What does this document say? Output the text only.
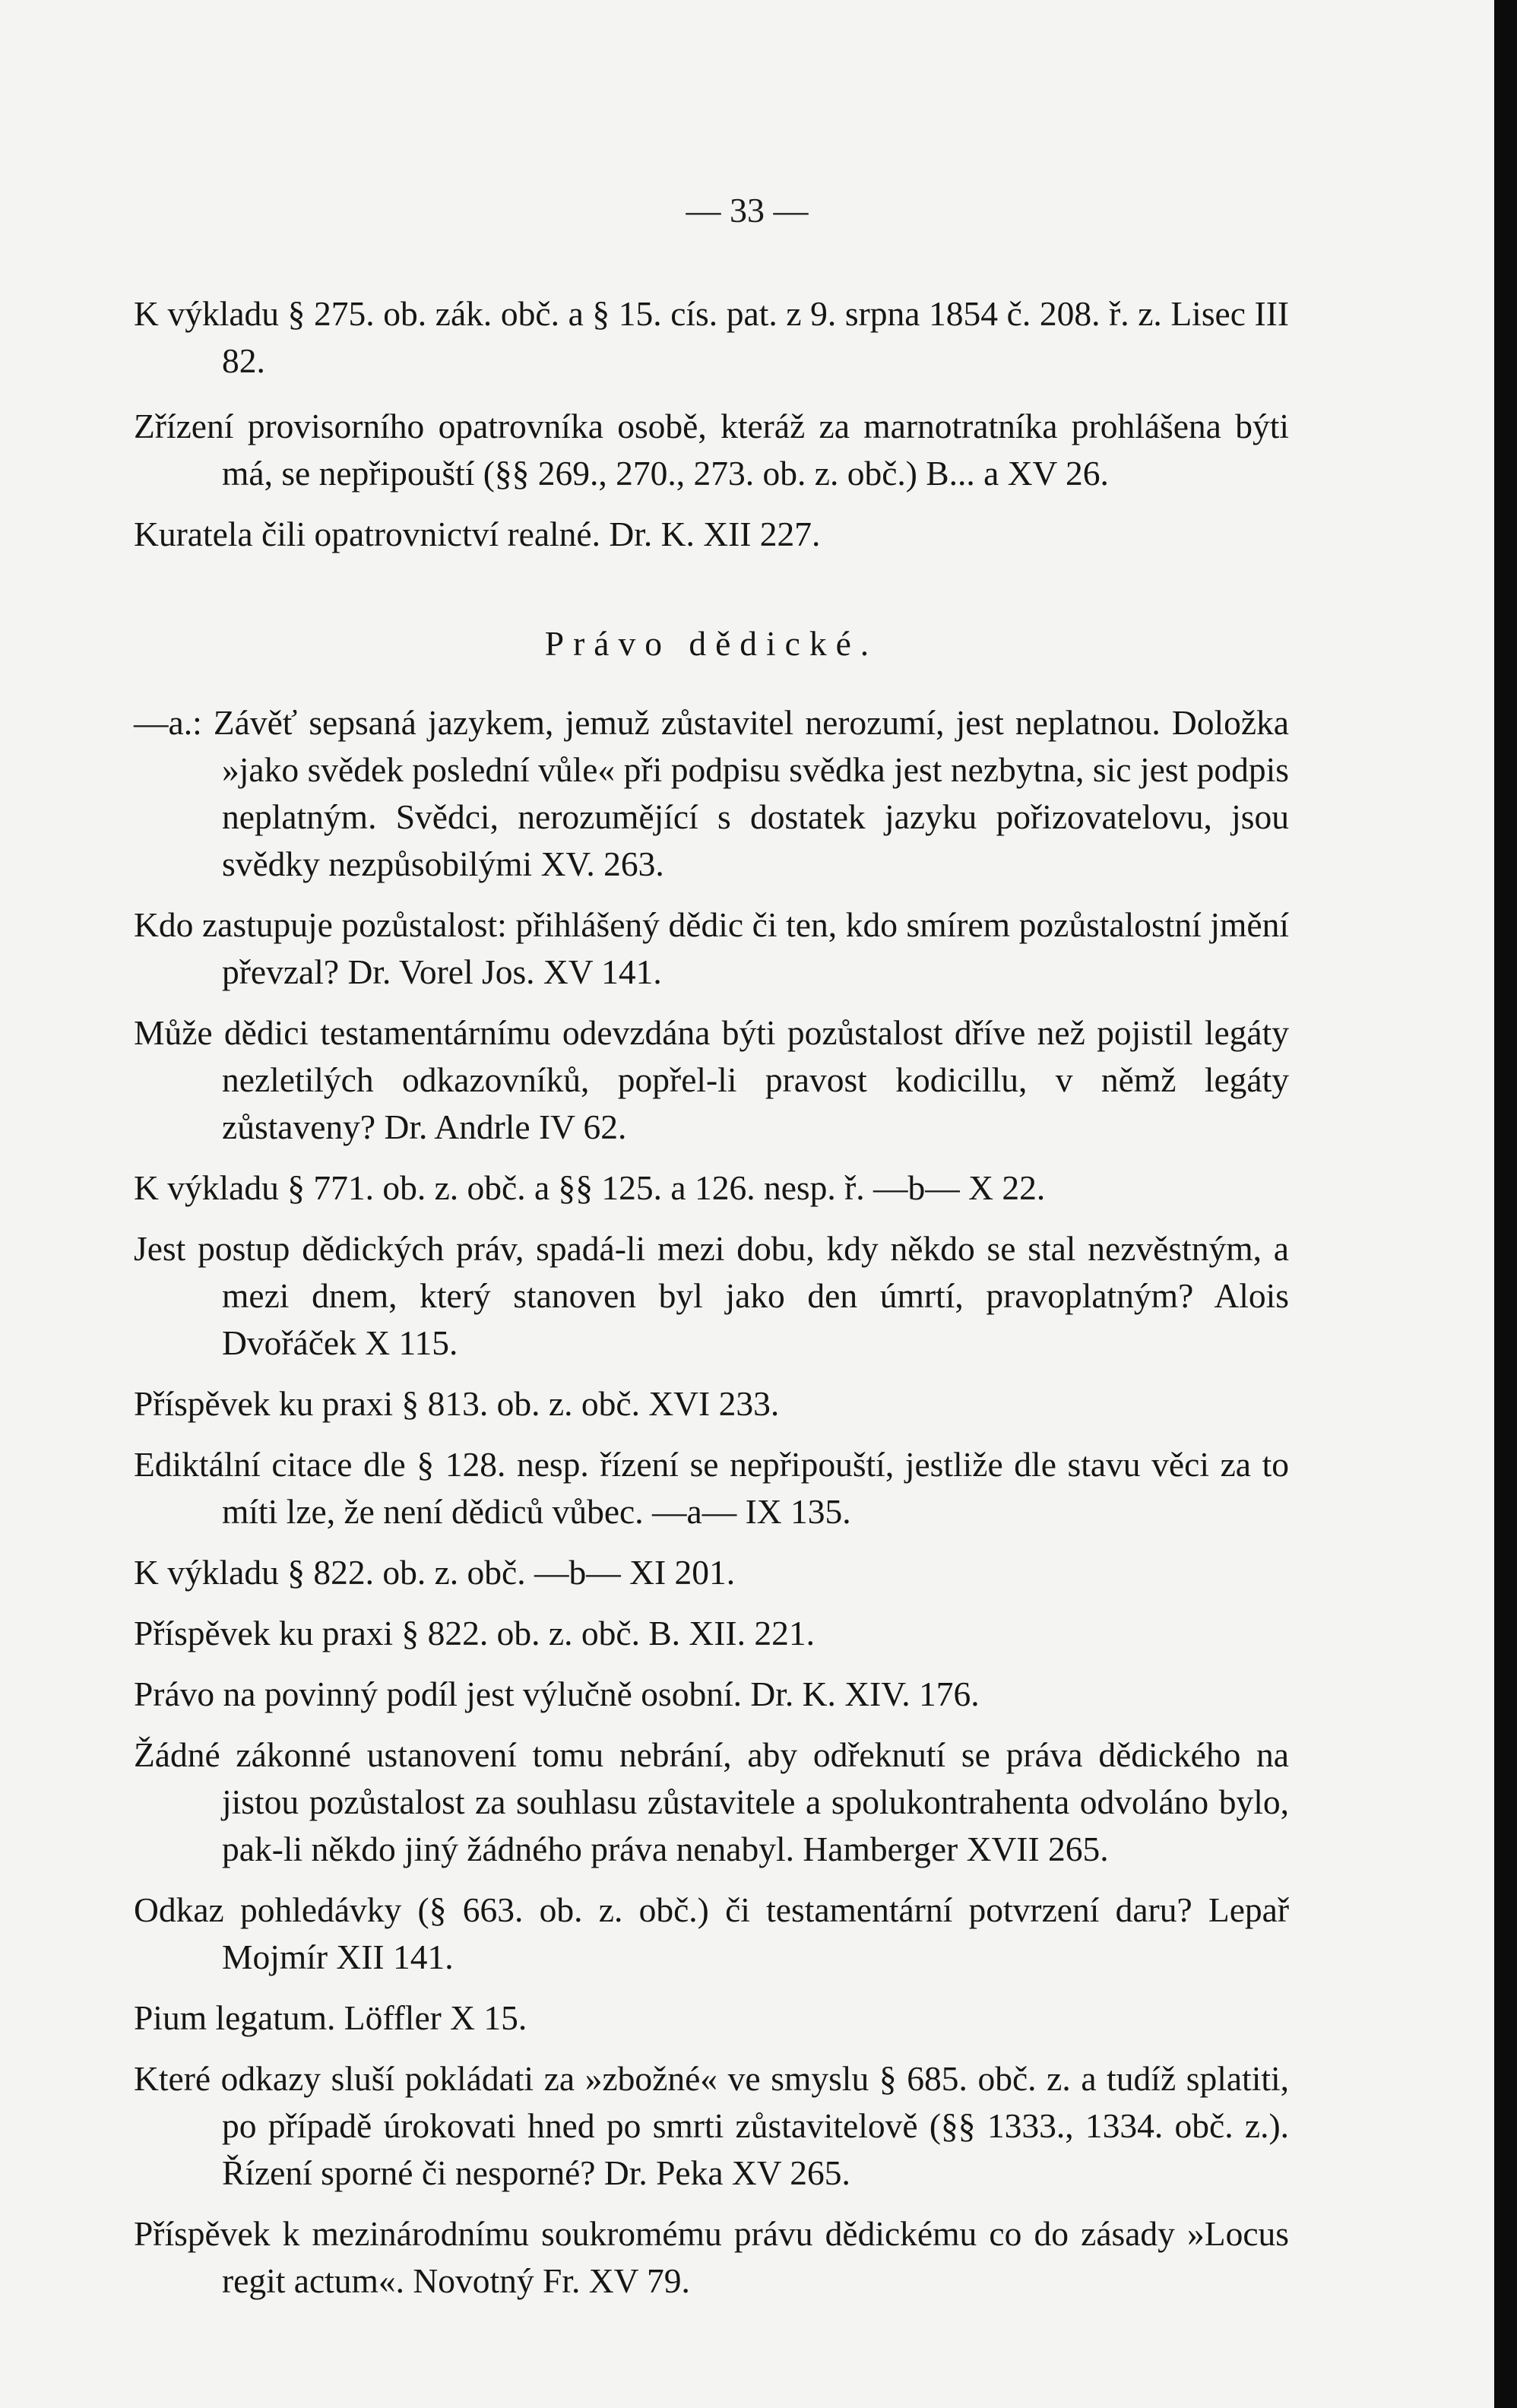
— 33 —

K výkladu § 275. ob. zák. obč. a § 15. cís. pat. z 9. srpna 1854 č. 208. ř. z. Lisec III 82.

Zřízení provisorního opatrovníka osobě, kteráž za marnotratníka prohlášena býti má, se nepřipouští (§§ 269., 270., 273. ob. z. obč.) B... a XV 26.

Kuratela čili opatrovnictví realné. Dr. K. XII 227.

Právo dědické.

—a.: Závěť sepsaná jazykem, jemuž zůstavitel nerozumí, jest neplatnou. Doložka »jako svědek poslední vůle« při podpisu svědka jest nezbytna, sic jest podpis neplatným. Svědci, nerozumějící s dostatek jazyku pořizovatelovu, jsou svědky nezpůsobilými XV. 263.

Kdo zastupuje pozůstalost: přihlášený dědic či ten, kdo smírem pozůstalostní jmění převzal? Dr. Vorel Jos. XV 141.

Může dědici testamentárnímu odevzdána býti pozůstalost dříve než pojistil legáty nezletilých odkazovníků, popřel-li pravost kodicillu, v němž legáty zůstaveny? Dr. Andrle IV 62.

K výkladu § 771. ob. z. obč. a §§ 125. a 126. nesp. ř. —b— X 22.

Jest postup dědických práv, spadá-li mezi dobu, kdy někdo se stal nezvěstným, a mezi dnem, který stanoven byl jako den úmrtí, pravoplatným? Alois Dvořáček X 115.

Příspěvek ku praxi § 813. ob. z. obč. XVI 233.

Ediktální citace dle § 128. nesp. řízení se nepřipouští, jestliže dle stavu věci za to míti lze, že není dědiců vůbec. —a— IX 135.

K výkladu § 822. ob. z. obč. —b— XI 201.

Příspěvek ku praxi § 822. ob. z. obč. B. XII. 221.

Právo na povinný podíl jest výlučně osobní. Dr. K. XIV. 176.

Žádné zákonné ustanovení tomu nebrání, aby odřeknutí se práva dědického na jistou pozůstalost za souhlasu zůstavitele a spolukontrahenta odvoláno bylo, pak-li někdo jiný žádného práva nenabyl. Hamberger XVII 265.

Odkaz pohledávky (§ 663. ob. z. obč.) či testamentární potvrzení daru? Lepař Mojmír XII 141.

Pium legatum. Löffler X 15.

Které odkazy sluší pokládati za »zbožné« ve smyslu § 685. obč. z. a tudíž splatiti, po případě úrokovati hned po smrti zůstavitelově (§§ 1333., 1334. obč. z.). Řízení sporné či nesporné? Dr. Peka XV 265.

Příspěvek k mezinárodnímu soukromému právu dědickému co do zásady »Locus regit actum«. Novotný Fr. XV 79.
